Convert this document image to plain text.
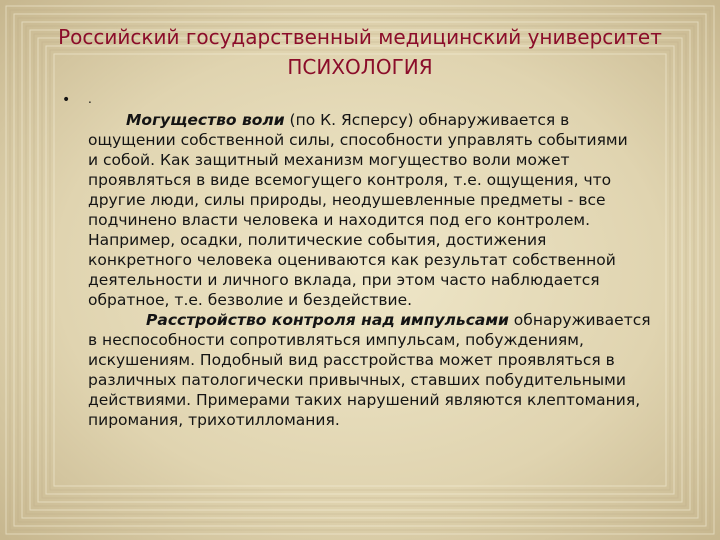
Российский государственный медицинский университет
ПСИХОЛОГИЯ
•	.
Могущество воли (по К. Ясперсу) обнаруживается в
ощущении собственной силы, способности управлять событиями
и собой. Как защитный механизм могущество воли может
проявляться в виде всемогущего контроля, т.е. ощущения, что
другие люди, силы природы, неодушевленные предметы - все
подчинено власти человека и находится под его контролем.
Например, осадки, политические события, достижения
конкретного человека оцениваются как результат собственной
деятельности и личного вклада, при этом часто наблюдается
обратное, т.е. безволие и бездействие.
Расстройство контроля над импульсами обнаруживается
в неспособности сопротивляться импульсам, побуждениям,
искушениям. Подобный вид расстройства может проявляться в
различных патологически привычных, ставших побудительными
действиями. Примерами таких нарушений являются клептомания,
пиромания, трихотилломания.
